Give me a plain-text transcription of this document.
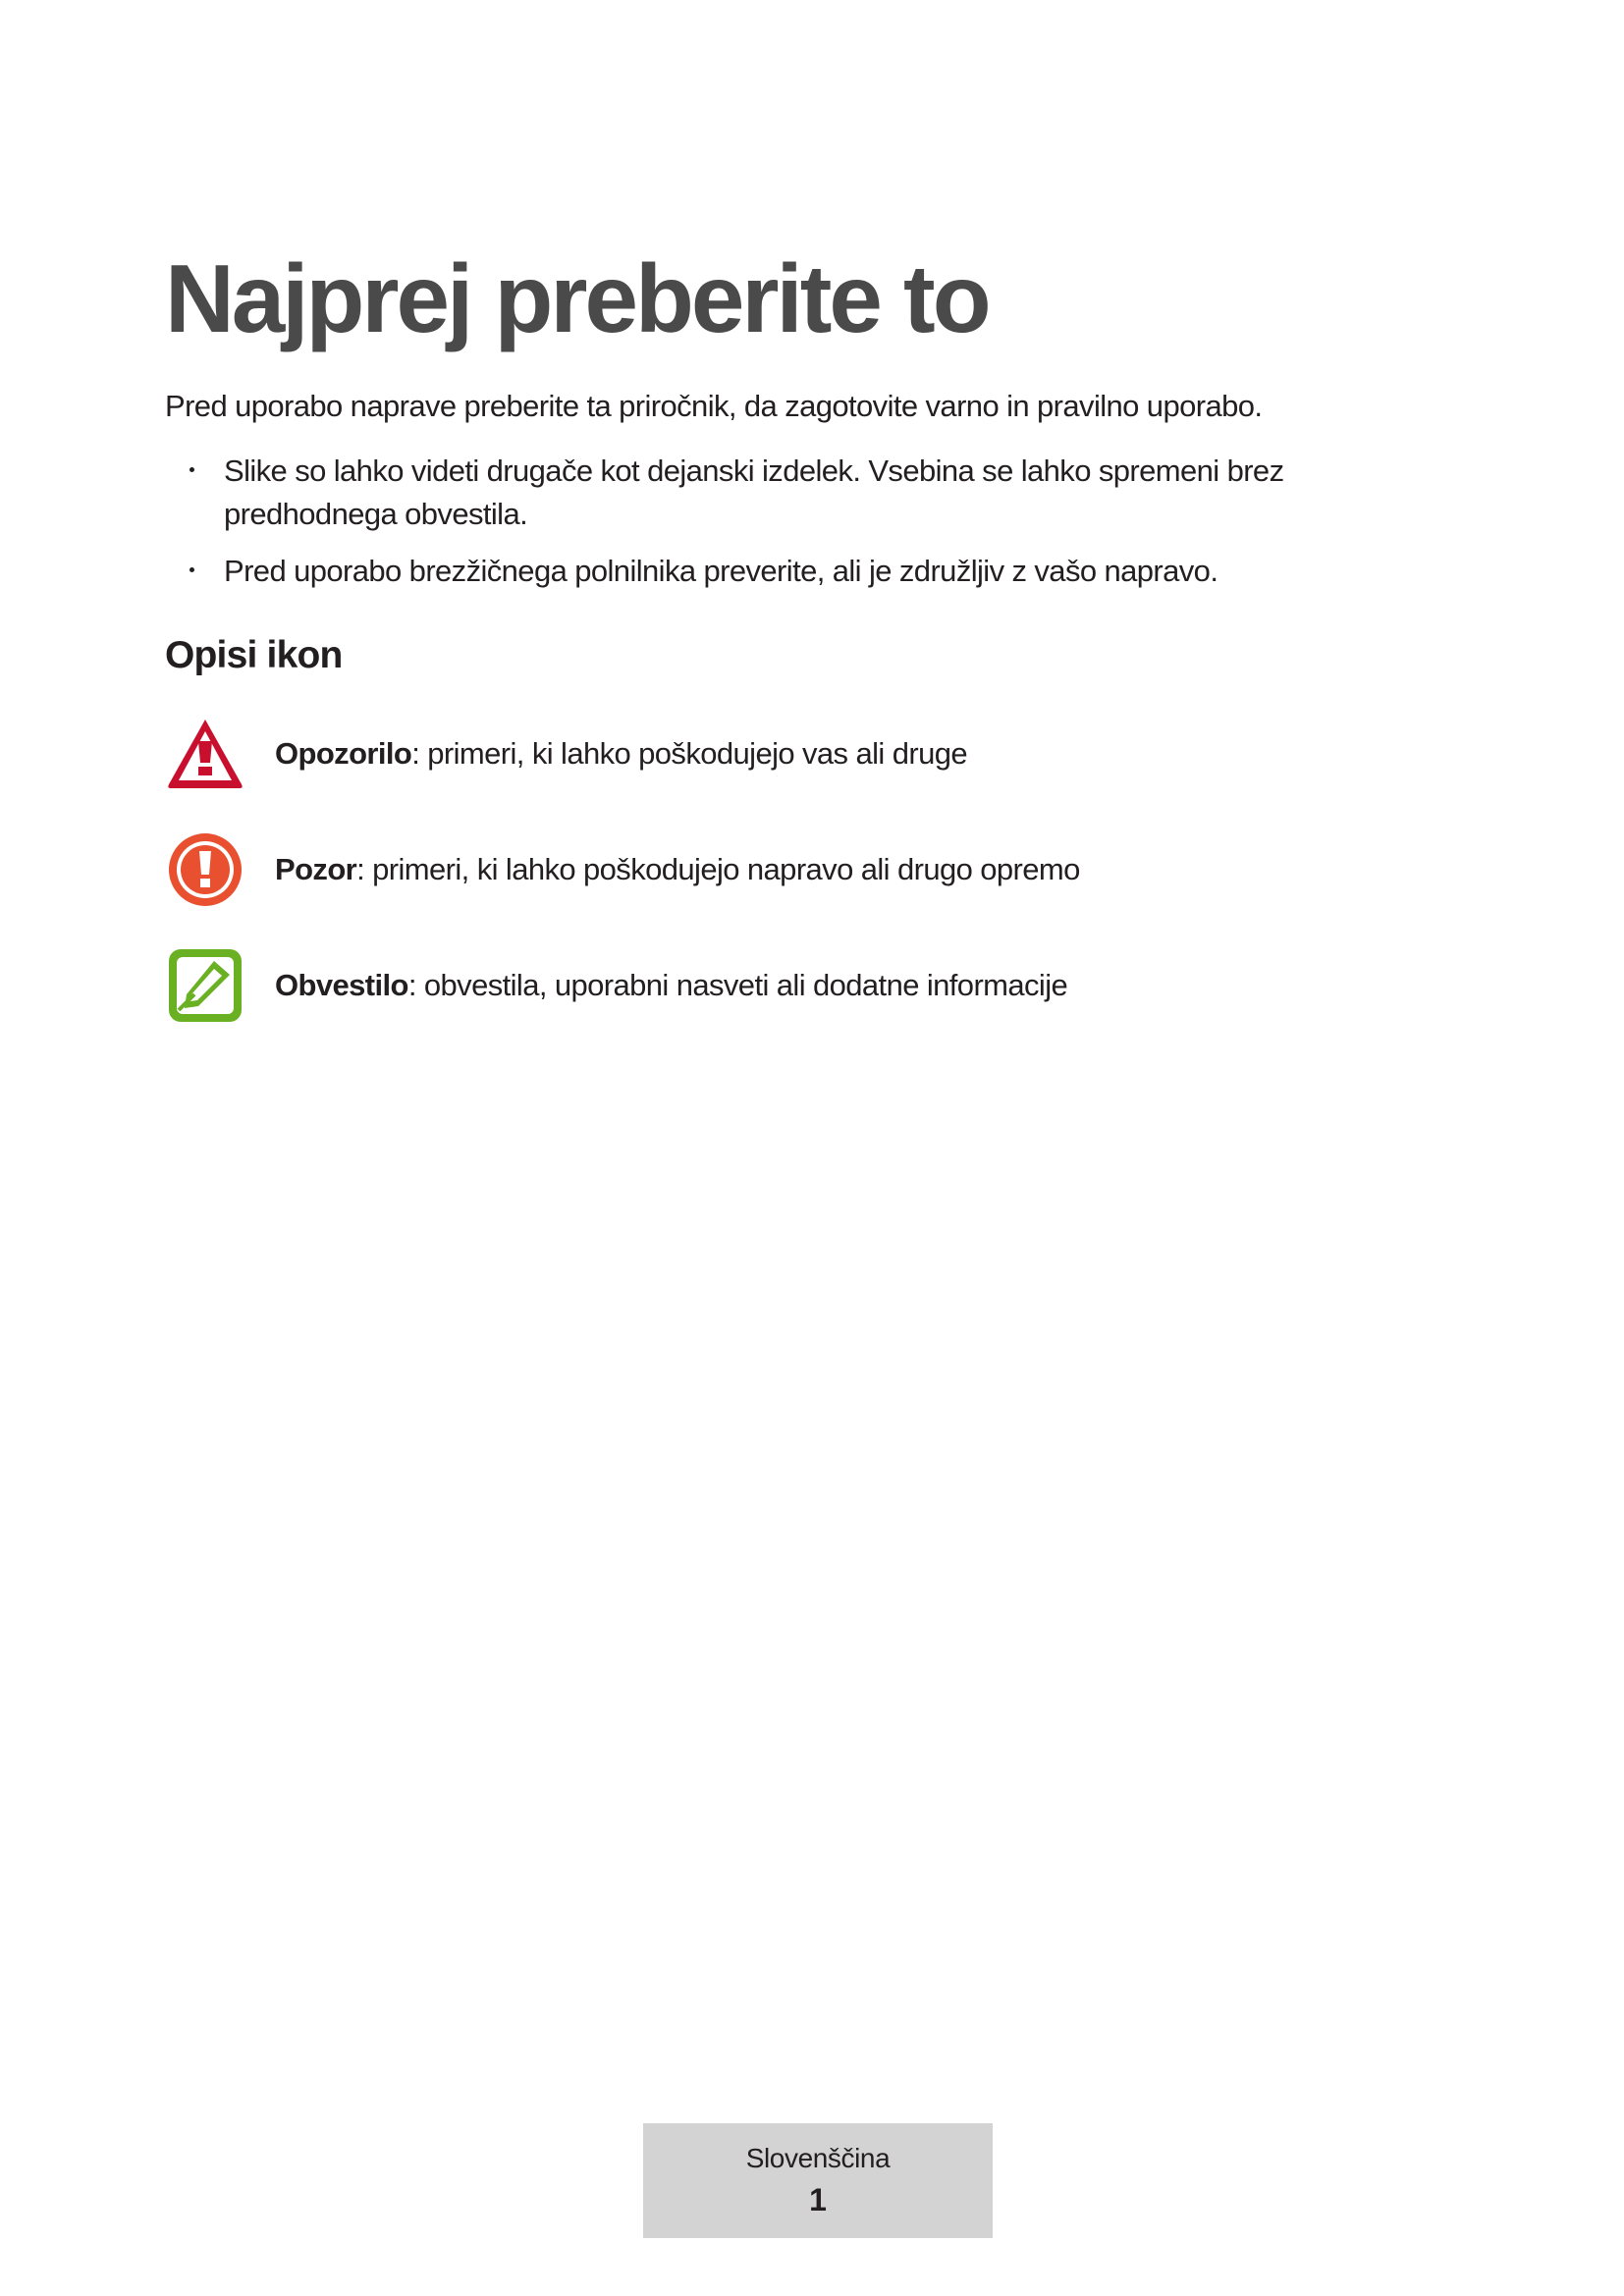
Najprej preberite to

Pred uporabo naprave preberite ta priročnik, da zagotovite varno in pravilno uporabo.

Slike so lahko videti drugače kot dejanski izdelek. Vsebina se lahko spremeni brez predhodnega obvestila.
Pred uporabo brezžičnega polnilnika preverite, ali je združljiv z vašo napravo.
Opisi ikon
Opozorilo: primeri, ki lahko poškodujejo vas ali druge
Pozor: primeri, ki lahko poškodujejo napravo ali drugo opremo
Obvestilo: obvestila, uporabni nasveti ali dodatne informacije
Slovenščina
1
